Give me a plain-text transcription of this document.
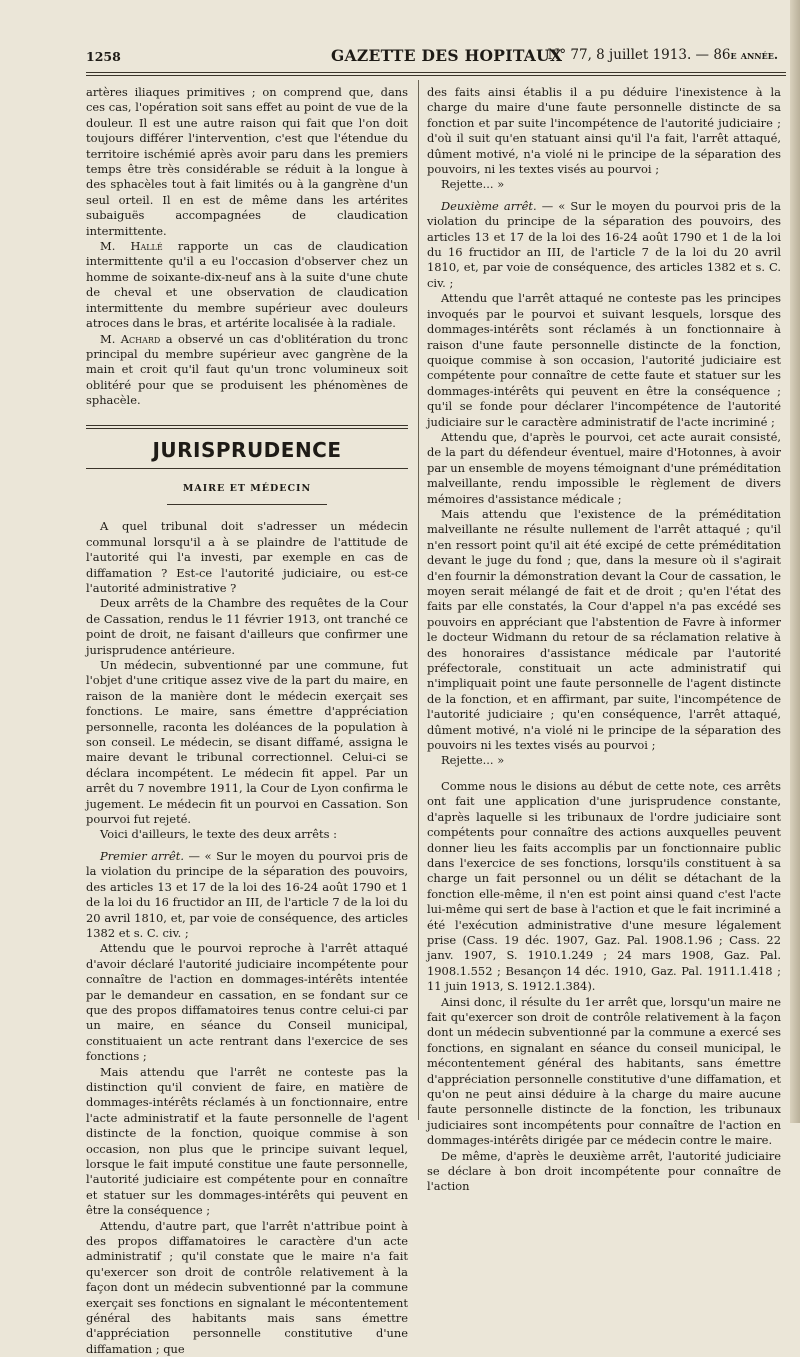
1258	GAZETTE DES HOPITAUX
N° 77, 8 juillet 1913. — 86e année.

artères iliaques primitives ; on comprend que, dans ces cas, l'opération soit sans effet au point de vue de la douleur. Il est une autre raison qui fait que l'on doit toujours différer l'intervention, c'est que l'étendue du territoire ischémié après avoir paru dans les premiers temps être très considérable se réduit à la longue à des sphacèles tout à fait limités ou à la gangrène d'un seul orteil. Il en est de même dans les artérites subaiguës accompagnées de claudication intermittente.

M. Hallé rapporte un cas de claudication intermittente qu'il a eu l'occasion d'observer chez un homme de soixante-dix-neuf ans à la suite d'une chute de cheval et une observation de claudication intermittente du membre supérieur avec douleurs atroces dans le bras, et artérite localisée à la radiale.

M. Achard a observé un cas d'oblitération du tronc principal du membre supérieur avec gangrène de la main et croit qu'il faut qu'un tronc volumineux soit oblitéré pour que se produisent les phénomènes de sphacèle.

JURISPRUDENCE
MAIRE ET MÉDECIN

A quel tribunal doit s'adresser un médecin communal lorsqu'il a à se plaindre de l'attitude de l'autorité qui l'a investi, par exemple en cas de diffamation ? Est-ce l'autorité judiciaire, ou est-ce l'autorité administrative ?

Deux arrêts de la Chambre des requêtes de la Cour de Cassation, rendus le 11 février 1913, ont tranché ce point de droit, ne faisant d'ailleurs que confirmer une jurisprudence antérieure.

Un médecin, subventionné par une commune, fut l'objet d'une critique assez vive de la part du maire, en raison de la manière dont le médecin exerçait ses fonctions. Le maire, sans émettre d'appréciation personnelle, raconta les doléances de la population à son conseil. Le médecin, se disant diffamé, assigna le maire devant le tribunal correctionnel. Celui-ci se déclara incompétent. Le médecin fit appel. Par un arrêt du 7 novembre 1911, la Cour de Lyon confirma le jugement. Le médecin fit un pourvoi en Cassation. Son pourvoi fut rejeté.

Voici d'ailleurs, le texte des deux arrêts :

Premier arrêt. — « Sur le moyen du pourvoi pris de la violation du principe de la séparation des pouvoirs, des articles 13 et 17 de la loi des 16-24 août 1790 et 1 de la loi du 16 fructidor an III, de l'article 7 de la loi du 20 avril 1810, et, par voie de conséquence, des articles 1382 et s. C. civ. ;

Attendu que le pourvoi reproche à l'arrêt attaqué d'avoir déclaré l'autorité judiciaire incompétente pour connaître de l'action en dommages-intérêts intentée par le demandeur en cassation, en se fondant sur ce que des propos diffamatoires tenus contre celui-ci par un maire, en séance du Conseil municipal, constituaient un acte rentrant dans l'exercice de ses fonctions ;

Mais attendu que l'arrêt ne conteste pas la distinction qu'il convient de faire, en matière de dommages-intérêts réclamés à un fonctionnaire, entre l'acte administratif et la faute personnelle de l'agent distincte de la fonction, quoique commise à son occasion, non plus que le principe suivant lequel, lorsque le fait imputé constitue une faute personnelle, l'autorité judiciaire est compétente pour en connaître et statuer sur les dommages-intérêts qui peuvent en être la conséquence ;

Attendu, d'autre part, que l'arrêt n'attribue point à des propos diffamatoires le caractère d'un acte administratif ; qu'il constate que le maire n'a fait qu'exercer son droit de contrôle relativement à la façon dont un médecin subventionné par la commune exerçait ses fonctions en signalant le mécontentement général des habitants mais sans émettre d'appréciation personnelle constitutive d'une diffamation ; que

des faits ainsi établis il a pu déduire l'inexistence à la charge du maire d'une faute personnelle distincte de sa fonction et par suite l'incompétence de l'autorité judiciaire ; d'où il suit qu'en statuant ainsi qu'il l'a fait, l'arrêt attaqué, dûment motivé, n'a violé ni le principe de la séparation des pouvoirs, ni les textes visés au pourvoi ;

Rejette... »

Deuxième arrêt. — « Sur le moyen du pourvoi pris de la violation du principe de la séparation des pouvoirs, des articles 13 et 17 de la loi des 16-24 août 1790 et 1 de la loi du 16 fructidor an III, de l'article 7 de la loi du 20 avril 1810, et, par voie de conséquence, des articles 1382 et s. C. civ. ;

Attendu que l'arrêt attaqué ne conteste pas les principes invoqués par le pourvoi et suivant lesquels, lorsque des dommages-intérêts sont réclamés à un fonctionnaire à raison d'une faute personnelle distincte de la fonction, quoique commise à son occasion, l'autorité judiciaire est compétente pour connaître de cette faute et statuer sur les dommages-intérêts qui peuvent en être la conséquence ; qu'il se fonde pour déclarer l'incompétence de l'autorité judiciaire sur le caractère administratif de l'acte incriminé ;

Attendu que, d'après le pourvoi, cet acte aurait consisté, de la part du défendeur éventuel, maire d'Hotonnes, à avoir par un ensemble de moyens témoignant d'une préméditation malveillante, rendu impossible le règlement de divers mémoires d'assistance médicale ;

Mais attendu que l'existence de la préméditation malveillante ne résulte nullement de l'arrêt attaqué ; qu'il n'en ressort point qu'il ait été excipé de cette préméditation devant le juge du fond ; que, dans la mesure où il s'agirait d'en fournir la démonstration devant la Cour de cassation, le moyen serait mélangé de fait et de droit ; qu'en l'état des faits par elle constatés, la Cour d'appel n'a pas excédé ses pouvoirs en appréciant que l'abstention de Favre à informer le docteur Widmann du retour de sa réclamation relative à des honoraires d'assistance médicale par l'autorité préfectorale, constituait un acte administratif qui n'impliquait point une faute personnelle de l'agent distincte de la fonction, et en affirmant, par suite, l'incompétence de l'autorité judiciaire ; qu'en conséquence, l'arrêt attaqué, dûment motivé, n'a violé ni le principe de la séparation des pouvoirs ni les textes visés au pourvoi ;

Rejette... »

Comme nous le disions au début de cette note, ces arrêts ont fait une application d'une jurisprudence constante, d'après laquelle si les tribunaux de l'ordre judiciaire sont compétents pour connaître des actions auxquelles peuvent donner lieu les faits accomplis par un fonctionnaire public dans l'exercice de ses fonctions, lorsqu'ils constituent à sa charge un fait personnel ou un délit se détachant de la fonction elle-même, il n'en est point ainsi quand c'est l'acte lui-même qui sert de base à l'action et que le fait incriminé a été l'exécution administrative d'une mesure légalement prise (Cass. 19 déc. 1907, Gaz. Pal. 1908.1.96 ; Cass. 22 janv. 1907, S. 1910.1.249 ; 24 mars 1908, Gaz. Pal. 1908.1.552 ; Besançon 14 déc. 1910, Gaz. Pal. 1911.1.418 ; 11 juin 1913, S. 1912.1.384).

Ainsi donc, il résulte du 1er arrêt que, lorsqu'un maire ne fait qu'exercer son droit de contrôle relativement à la façon dont un médecin subventionné par la commune a exercé ses fonctions, en signalant en séance du conseil municipal, le mécontentement général des habitants, sans émettre d'appréciation personnelle constitutive d'une diffamation, et qu'on ne peut ainsi déduire à la charge du maire aucune faute personnelle distincte de la fonction, les tribunaux judiciaires sont incompétents pour connaître de l'action en dommages-intérêts dirigée par ce médecin contre le maire.

De même, d'après le deuxième arrêt, l'autorité judiciaire se déclare à bon droit incompétente pour connaître de l'action
